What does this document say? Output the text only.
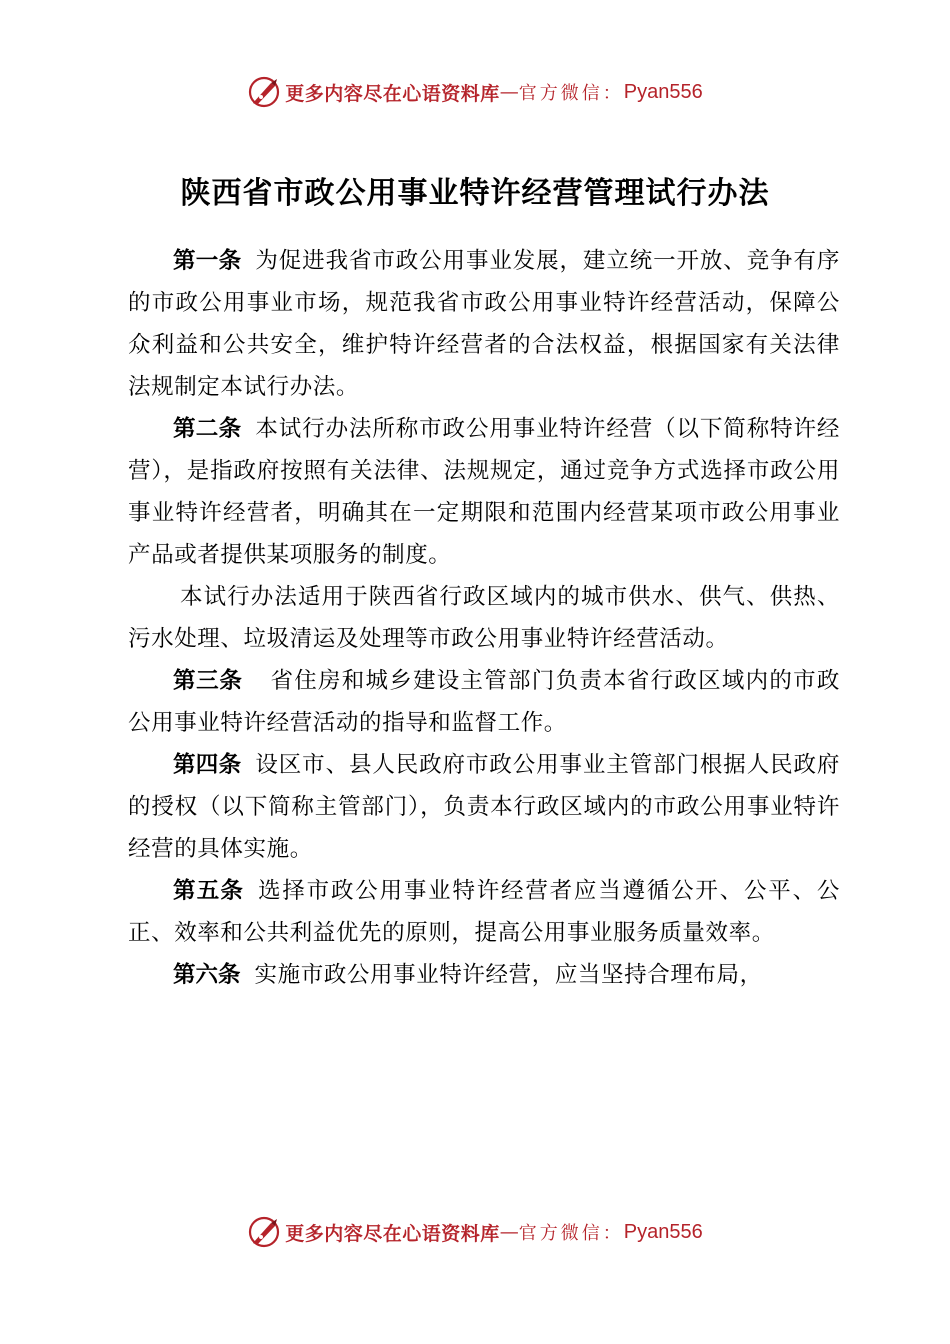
更多内容尽在心语资料库 — 官方微信： Pyan556
陕西省市政公用事业特许经营管理试行办法

第一条 为促进我省市政公用事业发展，建立统一开放、竞争有序的市政公用事业市场，规范我省市政公用事业特许经营活动，保障公众利益和公共安全，维护特许经营者的合法权益，根据国家有关法律法规制定本试行办法。

第二条 本试行办法所称市政公用事业特许经营（以下简称特许经营），是指政府按照有关法律、法规规定，通过竞争方式选择市政公用事业特许经营者，明确其在一定期限和范围内经营某项市政公用事业产品或者提供某项服务的制度。

本试行办法适用于陕西省行政区域内的城市供水、供气、供热、污水处理、垃圾清运及处理等市政公用事业特许经营活动。

第三条 省住房和城乡建设主管部门负责本省行政区域内的市政公用事业特许经营活动的指导和监督工作。

第四条 设区市、县人民政府市政公用事业主管部门根据人民政府的授权（以下简称主管部门），负责本行政区域内的市政公用事业特许经营的具体实施。

第五条 选择市政公用事业特许经营者应当遵循公开、公平、公正、效率和公共利益优先的原则，提高公用事业服务质量效率。

第六条 实施市政公用事业特许经营，应当坚持合理布局，

更多内容尽在心语资料库 — 官方微信： Pyan556
